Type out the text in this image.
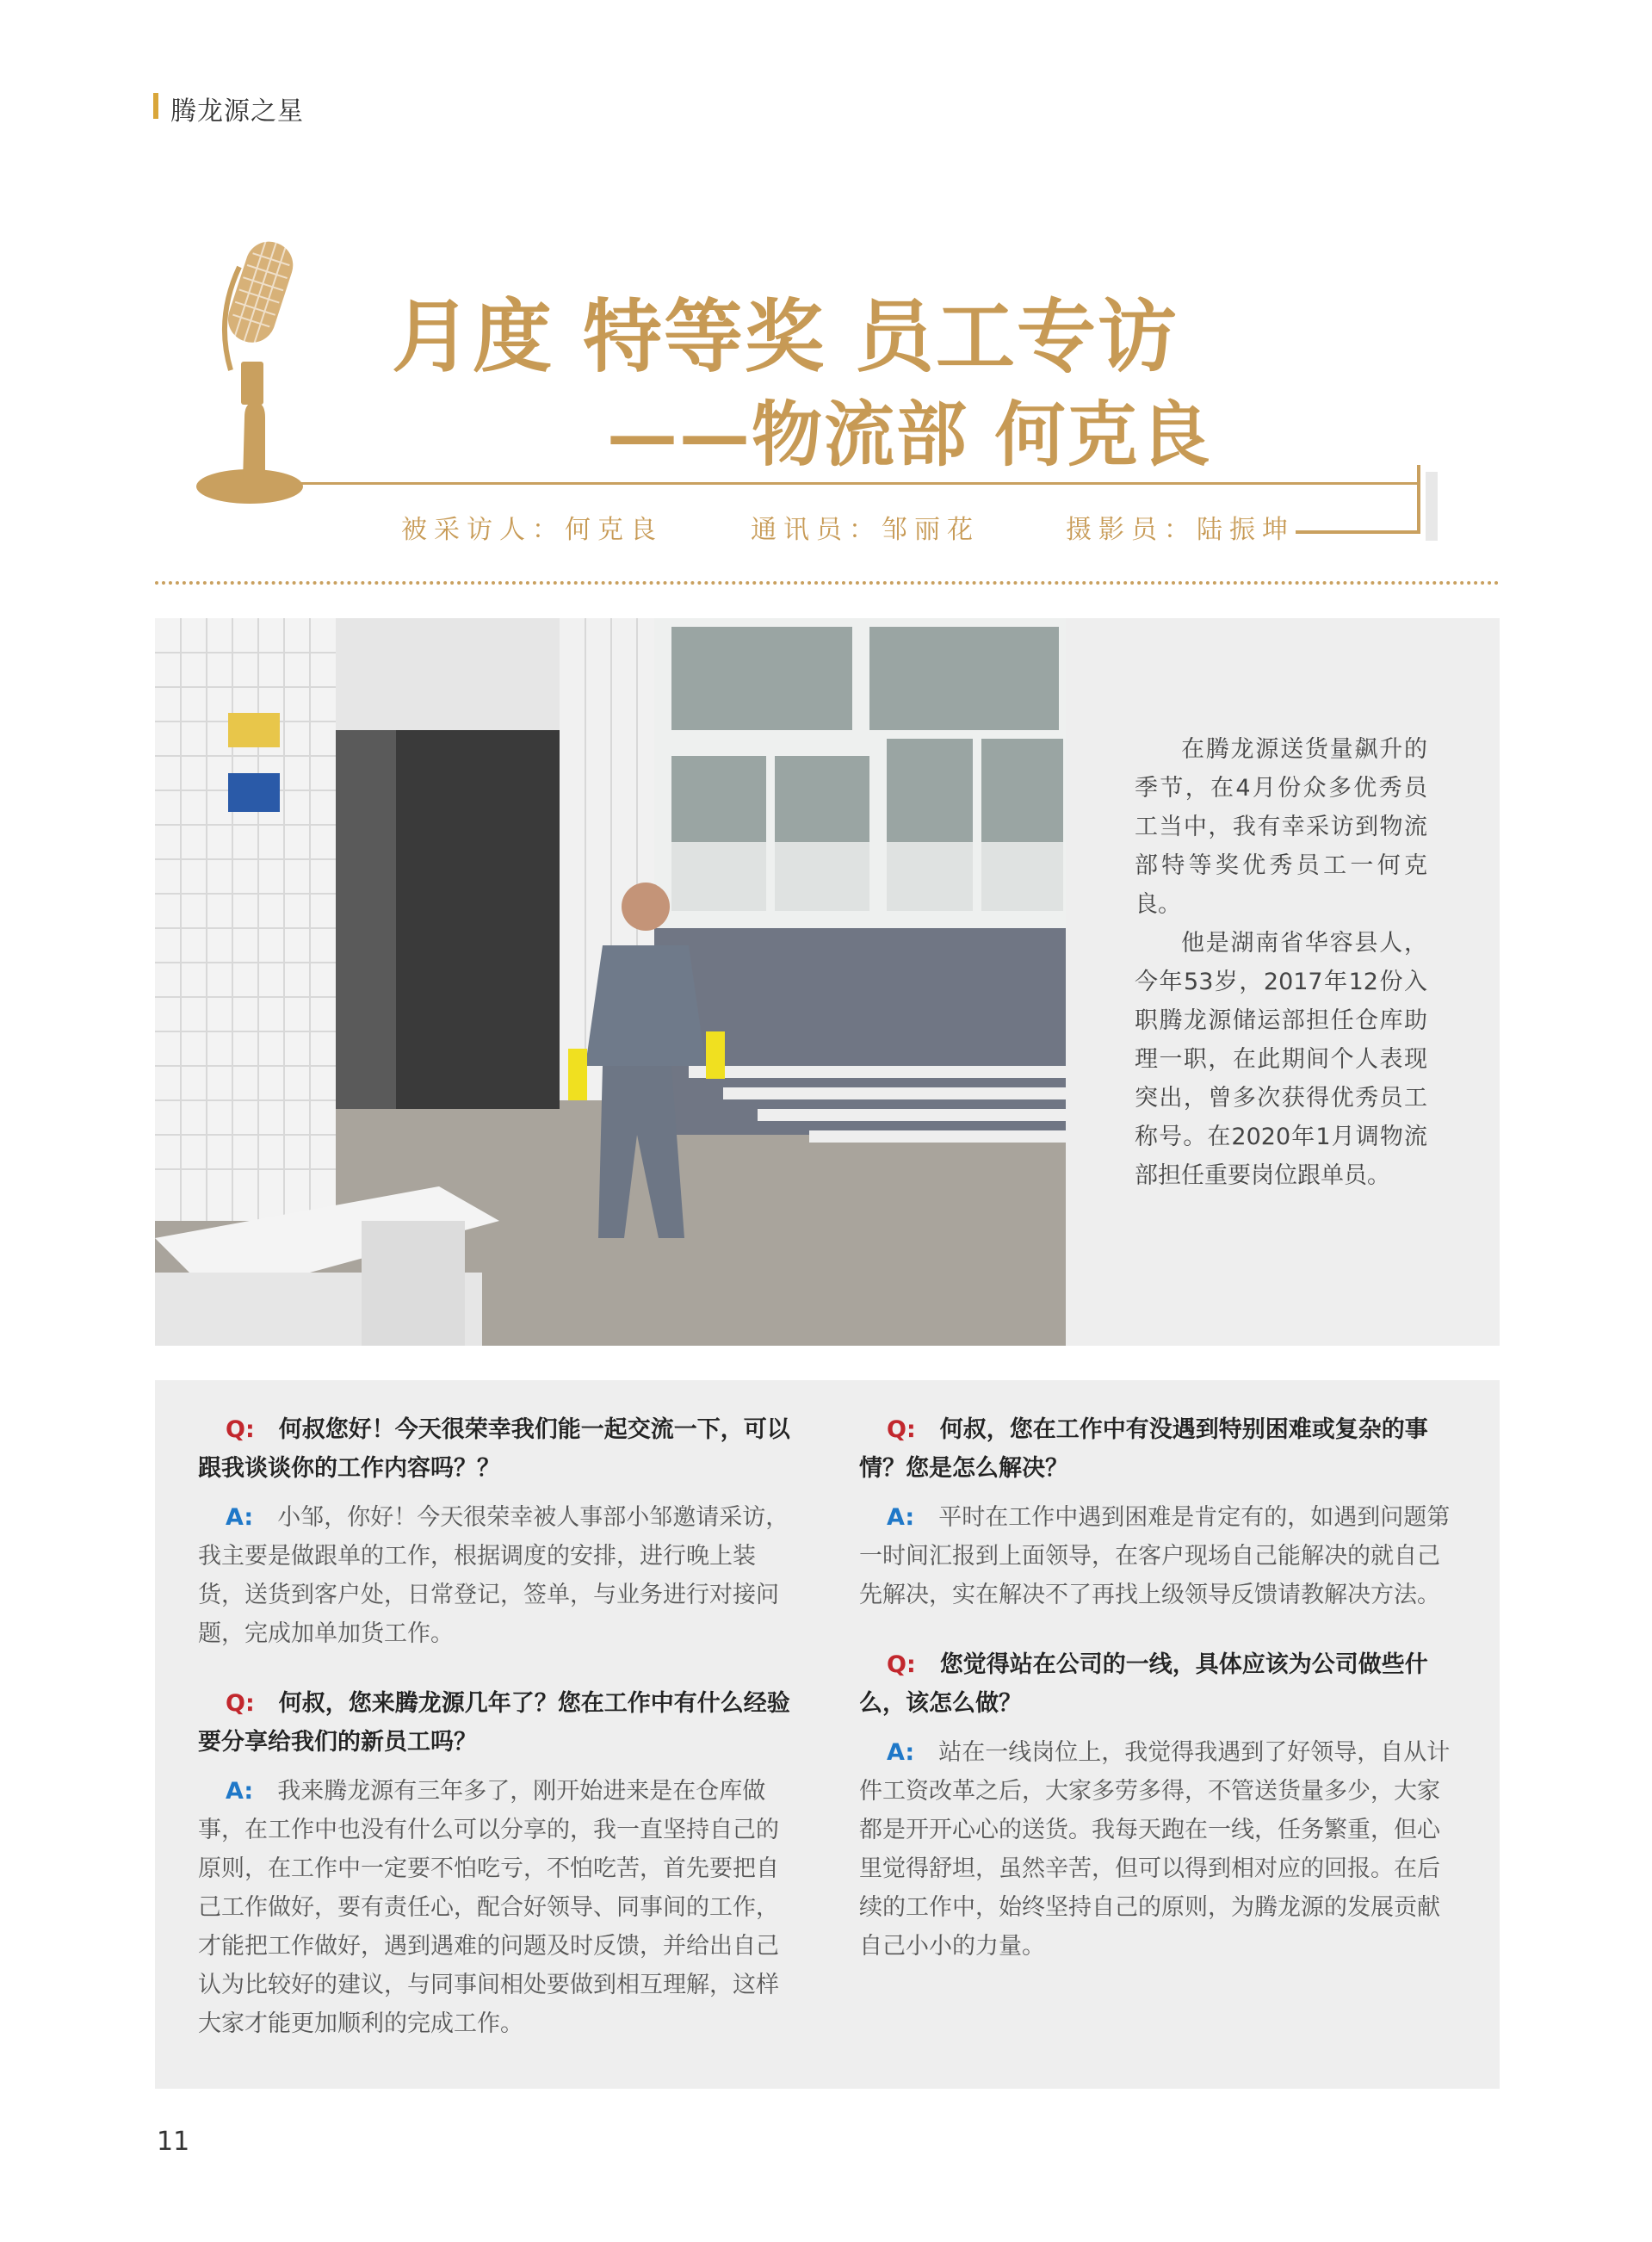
腾龙源之星
月度 特等奖 员工专访
——物流部 何克良
被采访人：何克良	通讯员：邹丽花	摄影员：陆振坤

在腾龙源送货量飙升的季节，在4月份众多优秀员工当中，我有幸采访到物流部特等奖优秀员工一何克良。

他是湖南省华容县人，今年53岁，2017年12份入职腾龙源储运部担任仓库助理一职，在此期间个人表现突出，曾多次获得优秀员工称号。在2020年1月调物流部担任重要岗位跟单员。

Q: 何叔您好！今天很荣幸我们能一起交流一下，可以跟我谈谈你的工作内容吗？？

A: 小邹，你好！今天很荣幸被人事部小邹邀请采访，我主要是做跟单的工作，根据调度的安排，进行晚上装货，送货到客户处，日常登记，签单，与业务进行对接问题，完成加单加货工作。

Q: 何叔，您来腾龙源几年了？您在工作中有什么经验要分享给我们的新员工吗？

A: 我来腾龙源有三年多了，刚开始进来是在仓库做事，在工作中也没有什么可以分享的，我一直坚持自己的原则，在工作中一定要不怕吃亏，不怕吃苦，首先要把自己工作做好，要有责任心，配合好领导、同事间的工作，才能把工作做好，遇到遇难的问题及时反馈，并给出自己认为比较好的建议，与同事间相处要做到相互理解，这样大家才能更加顺利的完成工作。

Q: 何叔，您在工作中有没遇到特别困难或复杂的事情？您是怎么解决？

A: 平时在工作中遇到困难是肯定有的，如遇到问题第一时间汇报到上面领导，在客户现场自己能解决的就自己先解决，实在解决不了再找上级领导反馈请教解决方法。

Q: 您觉得站在公司的一线，具体应该为公司做些什么，该怎么做？

A: 站在一线岗位上，我觉得我遇到了好领导，自从计件工资改革之后，大家多劳多得，不管送货量多少，大家都是开开心心的送货。我每天跑在一线，任务繁重，但心里觉得舒坦，虽然辛苦，但可以得到相对应的回报。在后续的工作中，始终坚持自己的原则，为腾龙源的发展贡献自己小小的力量。

11
